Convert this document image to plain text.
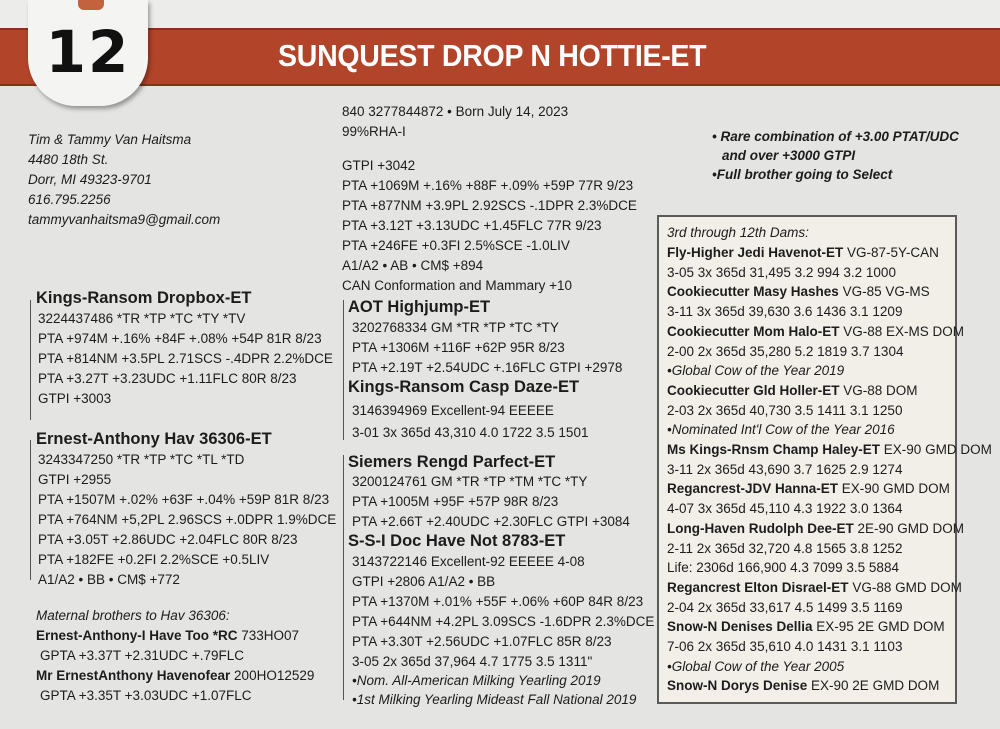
SUNQUEST DROP N HOTTIE-ET
12
Tim & Tammy Van Haitsma
4480 18th St.
Dorr, MI 49323-9701
616.795.2256
tammyvanhaitsma9@gmail.com
840 3277844872 • Born July 14, 2023
99%RHA-I	• Rare combination of +3.00 PTAT/UDC
and over +3000 GTPI
•Full brother going to Select
GTPI +3042
PTA +1069M +.16% +88F +.09% +59P 77R 9/23
PTA +877NM +3.9PL 2.92SCS -.1DPR 2.3%DCE
PTA +3.12T +3.13UDC +1.45FLC 77R 9/23
PTA +246FE +0.3FI 2.5%SCE -1.0LIV
A1/A2 • AB • CM$ +894
CAN Conformation and Mammary +10
Kings-Ransom Dropbox-ET
3224437486 *TR *TP *TC *TY *TV
PTA +974M +.16% +84F +.08% +54P 81R 8/23
PTA +814NM +3.5PL 2.71SCS -.4DPR 2.2%DCE
PTA +3.27T +3.23UDC +1.11FLC 80R 8/23
GTPI +3003
Ernest-Anthony Hav 36306-ET
3243347250 *TR *TP *TC *TL *TD
GTPI +2955
PTA +1507M +.02% +63F +.04% +59P 81R 8/23
PTA +764NM +5,2PL 2.96SCS +.0DPR 1.9%DCE
PTA +3.05T +2.86UDC +2.04FLC 80R 8/23
PTA +182FE +0.2FI 2.2%SCE +0.5LIV
A1/A2 • BB • CM$ +772
Maternal brothers to Hav 36306:
Ernest-Anthony-I Have Too *RC 733HO07
GPTA +3.37T +2.31UDC +.79FLC
Mr ErnestAnthony Havenofear 200HO12529
GPTA +3.35T +3.03UDC +1.07FLC
AOT Highjump-ET
3202768334 GM *TR *TP *TC *TY
PTA +1306M +116F +62P 95R 8/23
PTA +2.19T +2.54UDC +.16FLC GTPI +2978
Kings-Ransom Casp Daze-ET
3146394969 Excellent-94 EEEEE
3-01 3x 365d 43,310 4.0 1722 3.5 1501
Siemers Rengd Parfect-ET
3200124761 GM *TR *TP *TM *TC *TY
PTA +1005M +95F +57P 98R 8/23
PTA +2.66T +2.40UDC +2.30FLC GTPI +3084
S-S-I Doc Have Not 8783-ET
3143722146 Excellent-92 EEEEE 4-08
GTPI +2806 A1/A2 • BB
PTA +1370M +.01% +55F +.06% +60P 84R 8/23
PTA +644NM +4.2PL 3.09SCS -1.6DPR 2.3%DCE
PTA +3.30T +2.56UDC +1.07FLC 85R 8/23
3-05 2x 365d 37,964 4.7 1775 3.5 1311"
•Nom. All-American Milking Yearling 2019
•1st Milking Yearling Mideast Fall National 2019
3rd through 12th Dams:
Fly-Higher Jedi Havenot-ET VG-87-5Y-CAN
3-05 3x 365d 31,495 3.2 994 3.2 1000
Cookiecutter Masy Hashes VG-85 VG-MS
3-11 3x 365d 39,630 3.6 1436 3.1 1209
Cookiecutter Mom Halo-ET VG-88 EX-MS DOM
2-00 2x 365d 35,280 5.2 1819 3.7 1304
•Global Cow of the Year 2019
Cookiecutter Gld Holler-ET VG-88 DOM
2-03 2x 365d 40,730 3.5 1411 3.1 1250
•Nominated Int'l Cow of the Year 2016
Ms Kings-Rnsm Champ Haley-ET EX-90 GMD DOM
3-11 2x 365d 43,690 3.7 1625 2.9 1274
Regancrest-JDV Hanna-ET EX-90 GMD DOM
4-07 3x 365d 45,110 4.3 1922 3.0 1364
Long-Haven Rudolph Dee-ET 2E-90 GMD DOM
2-11 2x 365d 32,720 4.8 1565 3.8 1252
Life: 2306d 166,900 4.3 7099 3.5 5884
Regancrest Elton Disrael-ET VG-88 GMD DOM
2-04 2x 365d 33,617 4.5 1499 3.5 1169
Snow-N Denises Dellia EX-95 2E GMD DOM
7-06 2x 365d 35,610 4.0 1431 3.1 1103
•Global Cow of the Year 2005
Snow-N Dorys Denise EX-90 2E GMD DOM
